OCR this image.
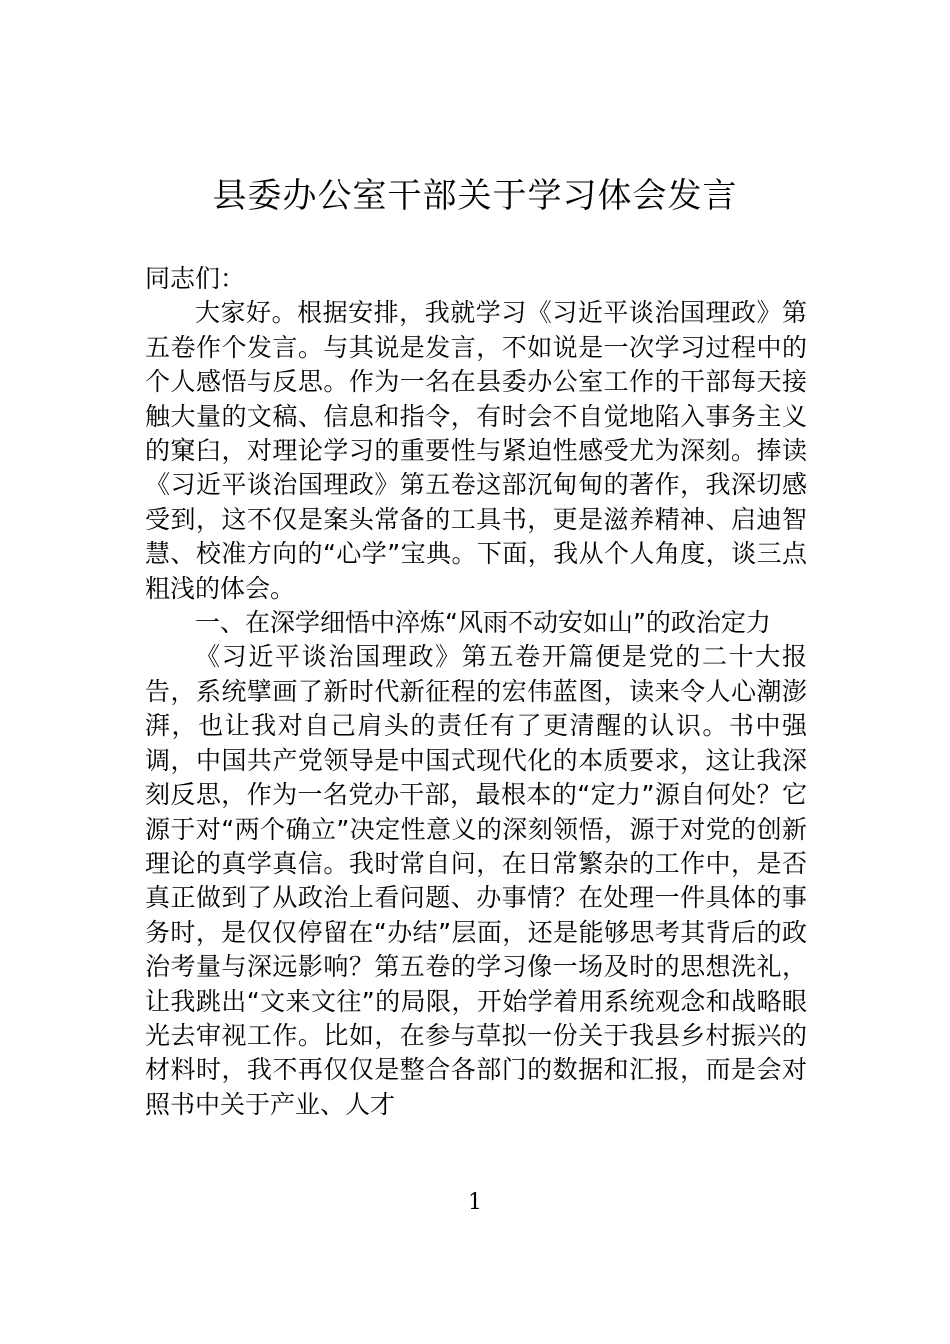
县委办公室干部关于学习体会发言

同志们：

大家好。根据安排，我就学习《习近平谈治国理政》第五卷作个发言。与其说是发言，不如说是一次学习过程中的个人感悟与反思。作为一名在县委办公室工作的干部每天接触大量的文稿、信息和指令，有时会不自觉地陷入事务主义的窠臼，对理论学习的重要性与紧迫性感受尤为深刻。捧读《习近平谈治国理政》第五卷这部沉甸甸的著作，我深切感受到，这不仅是案头常备的工具书，更是滋养精神、启迪智慧、校准方向的“心学”宝典。下面，我从个人角度，谈三点粗浅的体会。

一、在深学细悟中淬炼“风雨不动安如山”的政治定力

《习近平谈治国理政》第五卷开篇便是党的二十大报告，系统擘画了新时代新征程的宏伟蓝图，读来令人心潮澎湃，也让我对自己肩头的责任有了更清醒的认识。书中强调，中国共产党领导是中国式现代化的本质要求，这让我深刻反思，作为一名党办干部，最根本的“定力”源自何处？它源于对“两个确立”决定性意义的深刻领悟，源于对党的创新理论的真学真信。我时常自问，在日常繁杂的工作中，是否真正做到了从政治上看问题、办事情？在处理一件具体的事务时，是仅仅停留在“办结”层面，还是能够思考其背后的政治考量与深远影响？第五卷的学习像一场及时的思想洗礼，让我跳出“文来文往”的局限，开始学着用系统观念和战略眼光去审视工作。比如，在参与草拟一份关于我县乡村振兴的材料时，我不再仅仅是整合各部门的数据和汇报，而是会对照书中关于产业、人才

1
